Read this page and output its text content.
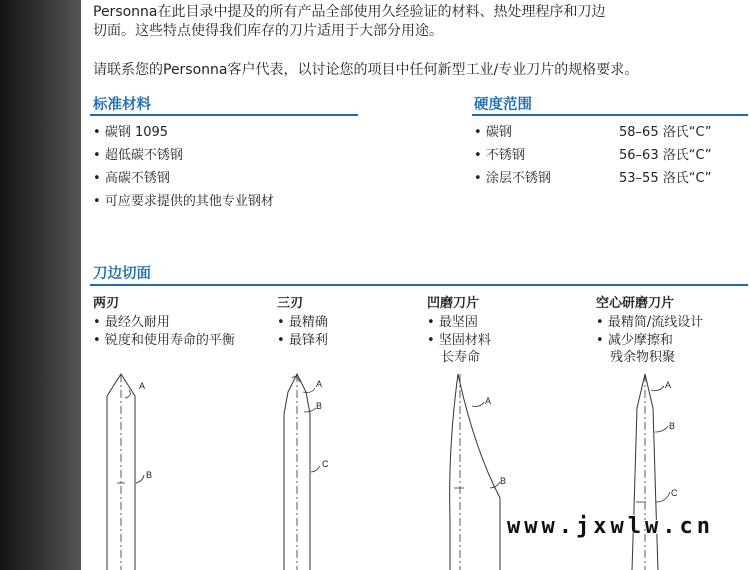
Personna在此目录中提及的所有产品全部使用久经验证的材料、热处理程序和刀边
切面。这些特点使得我们库存的刀片适用于大部分用途。
请联系您的Personna客户代表，以讨论您的项目中任何新型工业/专业刀片的规格要求。
标准材料
• 碳钢 1095
• 超低碳不锈钢
• 高碳不锈钢
• 可应要求提供的其他专业钢材
硬度范围
• 碳钢	58–65 洛氏“C”
• 不锈钢	56–63 洛氏“C”
• 涂层不锈钢	53–55 洛氏“C”
刀边切面
两刃
• 最经久耐用
• 锐度和使用寿命的平衡
三刃
• 最精确
• 最锋利
凹磨刀片
• 最坚固
• 坚固材料
长寿命
空心研磨刀片
• 最精简/流线设计
• 减少摩擦和
残余物积聚
A
B
A
B
C
A
B
A
B
C
www.jxwlw.cn
